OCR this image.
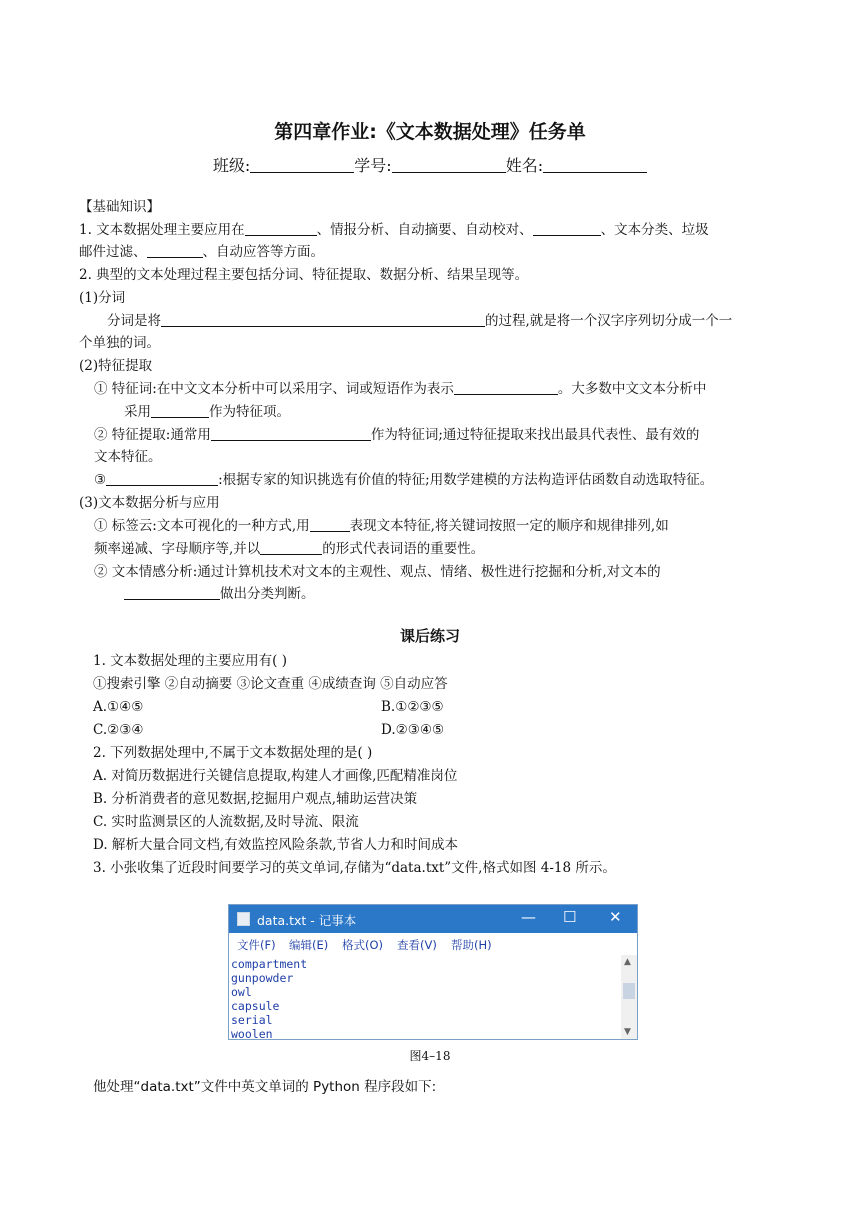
第四章作业:《文本数据处理》任务单
班级:	学号:	姓名:
【基础知识】
1. 文本数据处理主要应用在	、情报分析、自动摘要、自动校对、	、文本分类、垃圾
邮件过滤、	、自动应答等方面。
2. 典型的文本处理过程主要包括分词、特征提取、数据分析、结果呈现等。
(1)分词
分词是将	的过程,就是将一个汉字序列切分成一个一
个单独的词。
(2)特征提取
① 特征词:在中文文本分析中可以采用字、词或短语作为表示	。大多数中文文本分析中
采用	作为特征项。
② 特征提取:通常用	作为特征词;通过特征提取来找出最具代表性、最有效的
文本特征。
③	:根据专家的知识挑选有价值的特征;用数学建模的方法构造评估函数自动选取特征。
(3)文本数据分析与应用
① 标签云:文本可视化的一种方式,用	表现文本特征,将关键词按照一定的顺序和规律排列,如
频率递减、字母顺序等,并以	的形式代表词语的重要性。
② 文本情感分析:通过计算机技术对文本的主观性、观点、情绪、极性进行挖掘和分析,对文本的
做出分类判断。
课后练习
1. 文本数据处理的主要应用有( )
①搜索引擎 ②自动摘要 ③论文查重 ④成绩查询 ⑤自动应答
A.①④⑤	B.①②③⑤
C.②③④	D.②③④⑤
2. 下列数据处理中,不属于文本数据处理的是( )
A. 对简历数据进行关键信息提取,构建人才画像,匹配精准岗位
B. 分析消费者的意见数据,挖掘用户观点,辅助运营决策
C. 实时监测景区的人流数据,及时导流、限流
D. 解析大量合同文档,有效监控风险条款,节省人力和时间成本
3. 小张收集了近段时间要学习的英文单词,存储为“data.txt”文件,格式如图 4-18 所示。
data.txt - 记事本	— ☐ ✕
文件(F) 编辑(E) 格式(O) 查看(V) 帮助(H)
compartment
gunpowder
owl
capsule
serial
woolen
▲
▼
图4–18
他处理“data.txt”文件中英文单词的 Python 程序段如下:
